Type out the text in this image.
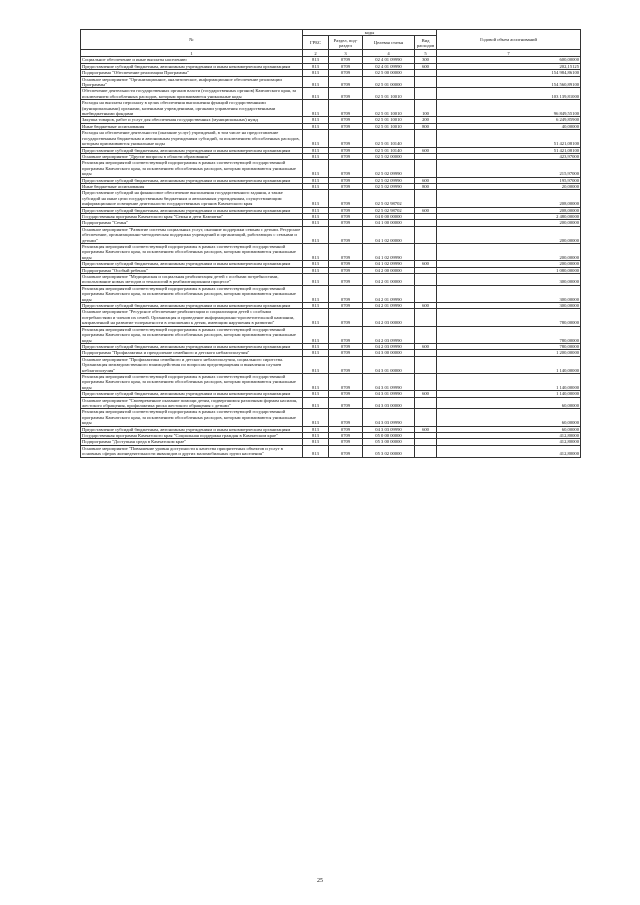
№	коды				Годовой объем ассигнований
	ГРБС	Раздел, под-раздел	Целевая статья	Вид расходов	
1	2	3	4	5	7
Социальное обеспечение и иные выплаты населению	813	0709	02 4 01 09990	300	600,00000
Предоставление субсидий бюджетным, автономным учреждениям и иным некоммерческим организациям	813	0709	02 4 01 09990	600	202,15125
Подпрограмма "Обеспечение реализации Программы"	813	0709	02 5 00 00000		154 984,86100
Основное мероприятие "Организационное, аналитическое, информационное обеспечение реализации Программы"	813	0709	02 5 01 00000		154 560,89100
Обеспечение деятельности государственных органов власти (государственных органов) Камчатского края, за исключением обособленных расходов, которым присваиваются уникальные коды	813	0709	02 5 01 10010		103 139,81000
Расходы на выплаты персоналу в целях обеспечения выполнения функций государственными (муниципальными) органами, казенными учреждениями, органами управления государственными внебюджетными фондами	813	0709	02 5 01 10010	100	96 849,55100
Закупка товаров, работ и услуг для обеспечения государственных (муниципальных) нужд	813	0709	02 5 01 10010	200	6 249,85900
Иные бюджетные ассигнования	813	0709	02 5 01 10010	800	40,00000
Расходы на обеспечение деятельности (оказание услуг) учреждений, в том числе на предоставление государственным бюджетным и автономным учреждениям субсидий, за исключением обособленных расходов, которым присваиваются уникальные коды	813	0709	02 5 01 10140		51 421,08100
Предоставление субсидий бюджетным, автономным учреждениям и иным некоммерческим организациям	813	0709	02 5 01 10140	600	51 421,08100
Основное мероприятие "Другие вопросы в области образования"	813	0709	02 5 02 00000		423,97000
Реализация мероприятий соответствующей подпрограммы в рамках соответствующей государственной программы Камчатского края, за исключением обособленных расходов, которым присваиваются уникальные коды	813	0709	02 5 02 09990		215,97000
Предоставление субсидий бюджетным, автономным учреждениям и иным некоммерческим организациям	813	0709	02 5 02 09990	600	195,97000
Иные бюджетные ассигнования	813	0709	02 5 02 09990	800	20,00000
Предоставление субсидий на финансовое обеспечение выполнения государственного задания, а также субсидий на иные цели государственным бюджетным и автономным учреждениям, осуществляющим информационное освещение деятельности государственных органов Камчатского края	813	0709	02 5 02 98702		208,00000
Предоставление субсидий бюджетным, автономным учреждениям и иным некоммерческим организациям	813	0709	02 5 02 98702	600	208,00000
Государственная программа Камчатского края "Семья и дети Камчатки"	813	0709	04 0 00 00000		2 480,00000
Подпрограмма "Семья"	813	0709	04 1 00 00000		200,00000
Основное мероприятие "Развитие системы социальных услуг, оказание поддержки семьям с детьми. Ресурсное обеспечение, организационно-методическая поддержка учреждений и организаций, работающих с семьями и детьми"	813	0709	04 1 02 00000		200,00000
Реализация мероприятий соответствующей подпрограммы в рамках соответствующей государственной программы Камчатского края, за исключением обособленных расходов, которым присваиваются уникальные коды	813	0709	04 1 02 09990		200,00000
Предоставление субсидий бюджетным, автономным учреждениям и иным некоммерческим организациям	813	0709	04 1 02 09990	600	200,00000
Подпрограмма "Особый ребенок"	813	0709	04 2 00 00000		1 080,00000
Основное мероприятие "Медицинская и социальная реабилитация детей с особыми потребностями, использование новых методов и технологий в реабилитационном процессе"	813	0709	04 2 01 00000		300,00000
Реализация мероприятий соответствующей подпрограммы в рамках соответствующей государственной программы Камчатского края, за исключением обособленных расходов, которым присваиваются уникальные коды	813	0709	04 2 01 09990		300,00000
Предоставление субсидий бюджетным, автономным учреждениям и иным некоммерческим организациям	813	0709	04 2 01 09990	600	300,00000
Основное мероприятие "Ресурсное обеспечение реабилитации и социализации детей с особыми потребностями и членов их семей. Организация и проведение информационно-просветительской кампании, направленной на развитие толерантности в отношении к детям, имеющим нарушения в развитии"	813	0709	04 2 03 00000		780,00000
Реализация мероприятий соответствующей подпрограммы в рамках соответствующей государственной программы Камчатского края, за исключением обособленных расходов, которым присваиваются уникальные коды	813	0709	04 2 03 09990		780,00000
Предоставление субсидий бюджетным, автономным учреждениям и иным некоммерческим организациям	813	0709	04 2 03 09990	600	780,00000
Подпрограмма "Профилактика и преодоление семейного и детского неблагополучия"	813	0709	04 3 00 00000		1 200,00000
Основное мероприятие "Профилактика семейного и детского неблагополучия, социального сиротства. Организация межведомственного взаимодействия по вопросам предотвращения и выявления случаев неблагополучия"	813	0709	04 3 01 00000		1 140,00000
Реализация мероприятий соответствующей подпрограммы в рамках соответствующей государственной программы Камчатского края, за исключением обособленных расходов, которым присваиваются уникальные коды	813	0709	04 3 01 09990		1 140,00000
Предоставление субсидий бюджетным, автономным учреждениям и иным некоммерческим организациям	813	0709	04 3 01 09990	600	1 140,00000
Основное мероприятие "Своевременное оказание помощи детям, подвергшимся различным формам насилия, жестокого обращения, профилактика риска жестокого обращения с детьми"	813	0709	04 3 03 00000		60,00000
Реализация мероприятий соответствующей подпрограммы в рамках соответствующей государственной программы Камчатского края, за исключением обособленных расходов, которым присваиваются уникальные коды	813	0709	04 3 03 09990		60,00000
Предоставление субсидий бюджетным, автономным учреждениям и иным некоммерческим организациям	813	0709	04 3 03 09990	600	60,00000
Государственная программа Камчатского края "Социальная поддержка граждан в Камчатском крае"	813	0709	05 0 00 00000		412,80000
Подпрограмма "Доступная среда в Камчатском крае"	813	0709	05 3 00 00000		412,80000
Основное мероприятие "Повышение уровня доступности к качества приоритетных объектов и услуг в основных сферах жизнедеятельности инвалидов и других маломобильных групп населения"	813	0709	05 3 02 00000		412,80000
25
